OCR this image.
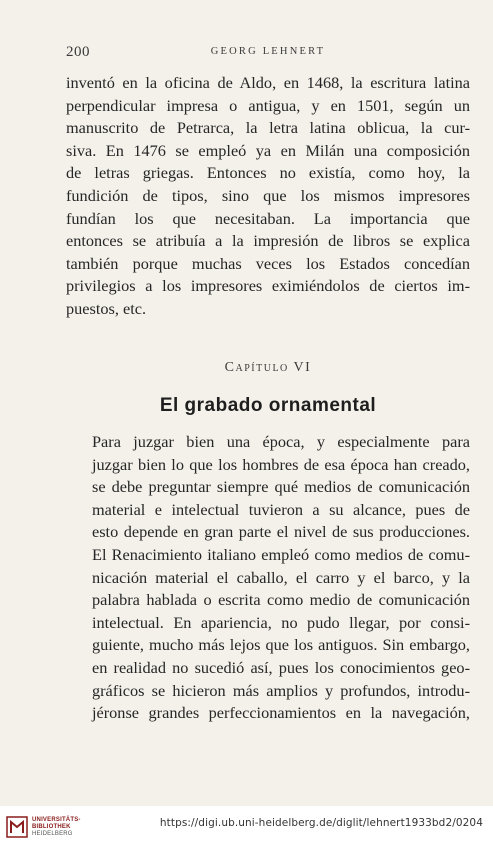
200	GEORG LEHNERT
inventó en la oficina de Aldo, en 1468, la escritura latina
perpendicular impresa o antigua, y en 1501, según un
manuscrito de Petrarca, la letra latina oblicua, la cur-
siva. En 1476 se empleó ya en Milán una composición
de letras griegas. Entonces no existía, como hoy, la
fundición de tipos, sino que los mismos impresores
fundían los que necesitaban. La importancia que
entonces se atribuía a la impresión de libros se explica
también porque muchas veces los Estados concedían
privilegios a los impresores eximiéndolos de ciertos im-
puestos, etc.
Capítulo VI
El grabado ornamental
Para juzgar bien una época, y especialmente para
juzgar bien lo que los hombres de esa época han creado,
se debe preguntar siempre qué medios de comunicación
material e intelectual tuvieron a su alcance, pues de
esto depende en gran parte el nivel de sus producciones.
El Renacimiento italiano empleó como medios de comu-
nicación material el caballo, el carro y el barco, y la
palabra hablada o escrita como medio de comunicación
intelectual. En apariencia, no pudo llegar, por consi-
guiente, mucho más lejos que los antiguos. Sin embargo,
en realidad no sucedió así, pues los conocimientos geo-
gráficos se hicieron más amplios y profundos, introdu-
jéronse grandes perfeccionamientos en la navegación,
UNIVERSITÄTS-
BIBLIOTHEK
HEIDELBERG
https://digi.ub.uni-heidelberg.de/diglit/lehnert1933bd2/0204
